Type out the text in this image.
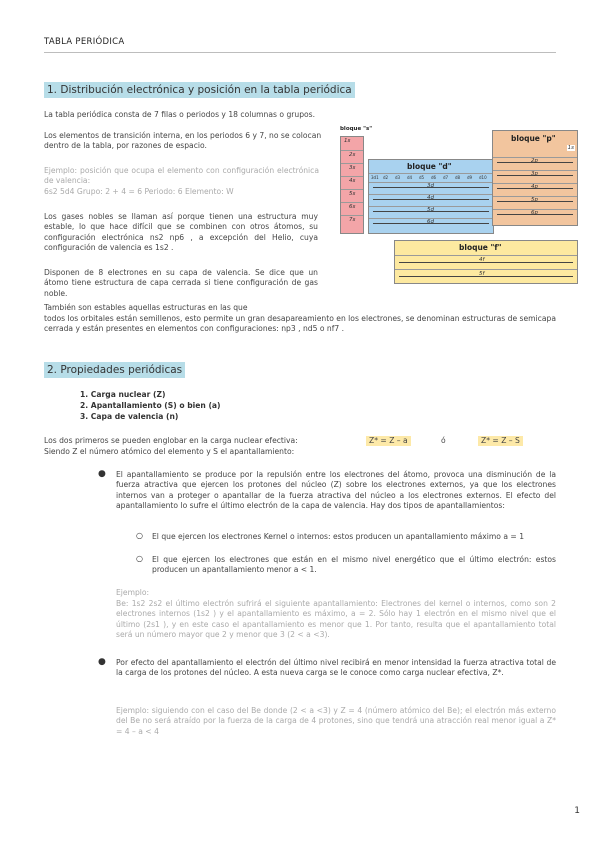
TABLA PERIÓDICA
1. Distribución electrónica y posición en la tabla periódica
La tabla periódica consta de 7 filas o periodos y 18 columnas o grupos.
Los elementos de transición interna, en los periodos 6 y 7, no se colocan dentro de la tabla, por razones de espacio.
Ejemplo: posición que ocupa el elemento con configuración electrónica de valencia:
6s2 5d4 Grupo: 2 + 4 = 6 Periodo: 6 Elemento: W
Los gases nobles se llaman así porque tienen una estructura muy estable, lo que hace difícil que se combinen con otros átomos, su configuración electrónica ns2 np6 , a excepción del Helio, cuya configuración de valencia es 1s2 .
Disponen de 8 electrones en su capa de valencia. Se dice que un átomo tiene estructura de capa cerrada si tiene configuración de gas noble.
También son estables aquellas estructuras en las que
todos los orbitales están semillenos, esto permite un gran desapareamiento en los electrones, se denominan estructuras de semicapa cerrada y están presentes en elementos con configuraciones: np3 , nd5 o nf7 .
bloque "s"
1s
2s
3s
4s
5s
6s
7s
bloque "d"
3d1 d2 d3 d4 d5 d6 d7 d8 d9 d10
3d
4d
5d
6d
bloque "p"
1s
2p
3p
4p
5p
6p
bloque "f"
4f
5f
2. Propiedades periódicas
1. Carga nuclear (Z)
2. Apantallamiento (S) o bien (a)
3. Capa de valencia (n)
Los dos primeros se pueden englobar en la carga nuclear efectiva:	Z* = Z – a	ó	Z* = Z – S
Siendo Z el número atómico del elemento y S el apantallamiento:
● El apantallamiento se produce por la repulsión entre los electrones del átomo, provoca una disminución de la fuerza atractiva que ejercen los protones del núcleo (Z) sobre los electrones externos, ya que los electrones internos van a proteger o apantallar de la fuerza atractiva del núcleo a los electrones externos. El efecto del apantallamiento lo sufre el último electrón de la capa de valencia. Hay dos tipos de apantallamientos:
○ El que ejercen los electrones Kernel o internos: estos producen un apantallamiento máximo a = 1
○ El que ejercen los electrones que están en el mismo nivel energético que el último electrón: estos producen un apantallamiento menor a < 1.
Ejemplo:
Be: 1s2 2s2 el último electrón sufrirá el siguiente apantallamiento: Electrones del kernel o internos, como son 2 electrones internos (1s2 ) y el apantallamiento es máximo, a = 2. Sólo hay 1 electrón en el mismo nivel que el último (2s1 ), y en este caso el apantallamiento es menor que 1. Por tanto, resulta que el apantallamiento total será un número mayor que 2 y menor que 3 (2 < a <3).
● Por efecto del apantallamiento el electrón del último nivel recibirá en menor intensidad la fuerza atractiva total de la carga de los protones del núcleo. A esta nueva carga se le conoce como carga nuclear efectiva, Z*.
Ejemplo: siguiendo con el caso del Be donde (2 < a <3) y Z = 4 (número atómico del Be); el electrón más externo del Be no será atraído por la fuerza de la carga de 4 protones, sino que tendrá una atracción real menor igual a Z* = 4 – a < 4
1
